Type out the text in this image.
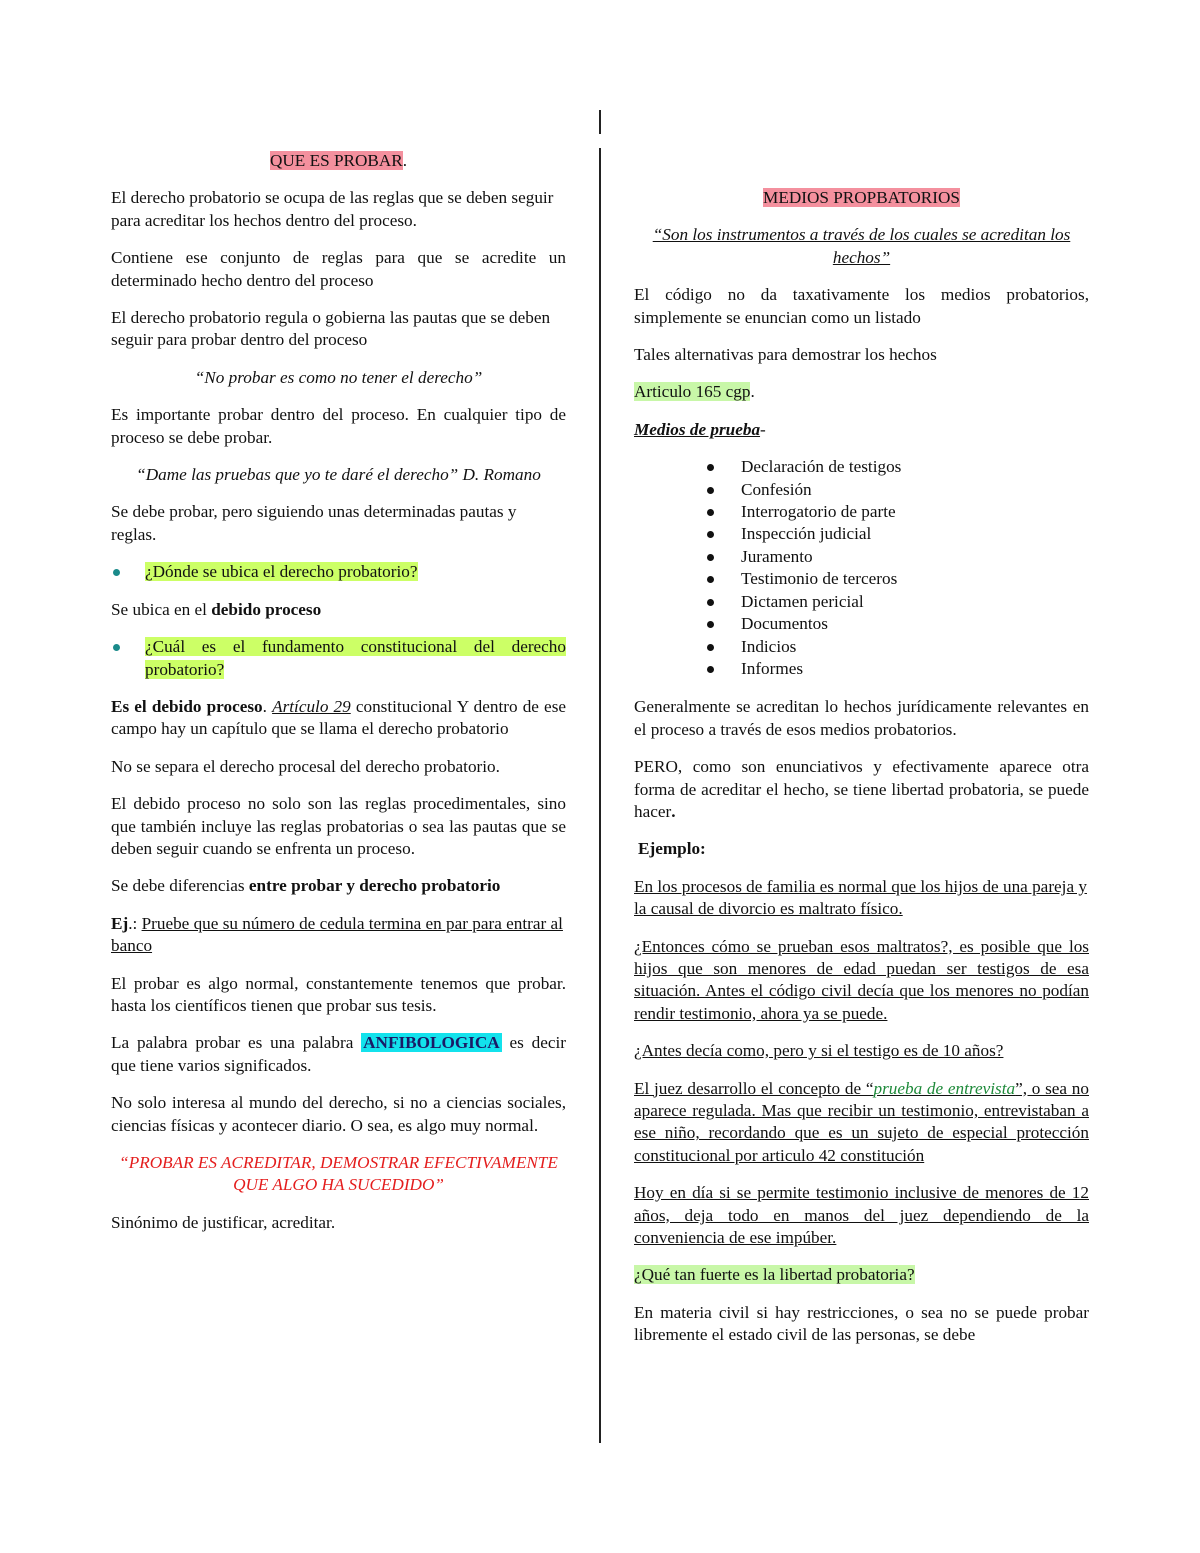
QUE ES PROBAR.

El derecho probatorio se ocupa de las reglas que se deben seguir para acreditar los hechos dentro del proceso.

Contiene ese conjunto de reglas para que se acredite un determinado hecho dentro del proceso

El derecho probatorio regula o gobierna las pautas que se deben seguir para probar dentro del proceso

“No probar es como no tener el derecho”

Es importante probar dentro del proceso. En cualquier tipo de proceso se debe probar.

“Dame las pruebas que yo te daré el derecho” D. Romano

Se debe probar, pero siguiendo unas determinadas pautas y reglas.

¿Dónde se ubica el derecho probatorio?

Se ubica en el debido proceso

¿Cuál es el fundamento constitucional del derecho probatorio?

Es el debido proceso. Artículo 29 constitucional Y dentro de ese campo hay un capítulo que se llama el derecho probatorio

No se separa el derecho procesal del derecho probatorio.

El debido proceso no solo son las reglas procedimentales, sino que también incluye las reglas probatorias o sea las pautas que se deben seguir cuando se enfrenta un proceso.

Se debe diferencias entre probar y derecho probatorio

Ej.: Pruebe que su número de cedula termina en par para entrar al banco

El probar es algo normal, constantemente tenemos que probar. hasta los científicos tienen que probar sus tesis.

La palabra probar es una palabra ANFIBOLOGICA es decir que tiene varios significados.

No solo interesa al mundo del derecho, si no a ciencias sociales, ciencias físicas y acontecer diario. O sea, es algo muy normal.

“PROBAR ES ACREDITAR, DEMOSTRAR EFECTIVAMENTE QUE ALGO HA SUCEDIDO”

Sinónimo de justificar, acreditar.

MEDIOS PROPBATORIOS

“Son los instrumentos a través de los cuales se acreditan los hechos”

El código no da taxativamente los medios probatorios, simplemente se enuncian como un listado

Tales alternativas para demostrar los hechos

Articulo 165 cgp.

Medios de prueba-

Declaración de testigos
Confesión
Interrogatorio de parte
Inspección judicial
Juramento
Testimonio de terceros
Dictamen pericial
Documentos
Indicios
Informes

Generalmente se acreditan lo hechos jurídicamente relevantes en el proceso a través de esos medios probatorios.

PERO, como son enunciativos y efectivamente aparece otra forma de acreditar el hecho, se tiene libertad probatoria, se puede hacer.

Ejemplo:

En los procesos de familia es normal que los hijos de una pareja y la causal de divorcio es maltrato físico.

¿Entonces cómo se prueban esos maltratos?, es posible que los hijos que son menores de edad puedan ser testigos de esa situación. Antes el código civil decía que los menores no podían rendir testimonio, ahora ya se puede.

¿Antes decía como, pero y si el testigo es de 10 años?

El juez desarrollo el concepto de “prueba de entrevista”, o sea no aparece regulada. Mas que recibir un testimonio, entrevistaban a ese niño, recordando que es un sujeto de especial protección constitucional por articulo 42 constitución

Hoy en día si se permite testimonio inclusive de menores de 12 años, deja todo en manos del juez dependiendo de la conveniencia de ese impúber.

¿Qué tan fuerte es la libertad probatoria?

En materia civil si hay restricciones, o sea no se puede probar libremente el estado civil de las personas, se debe
